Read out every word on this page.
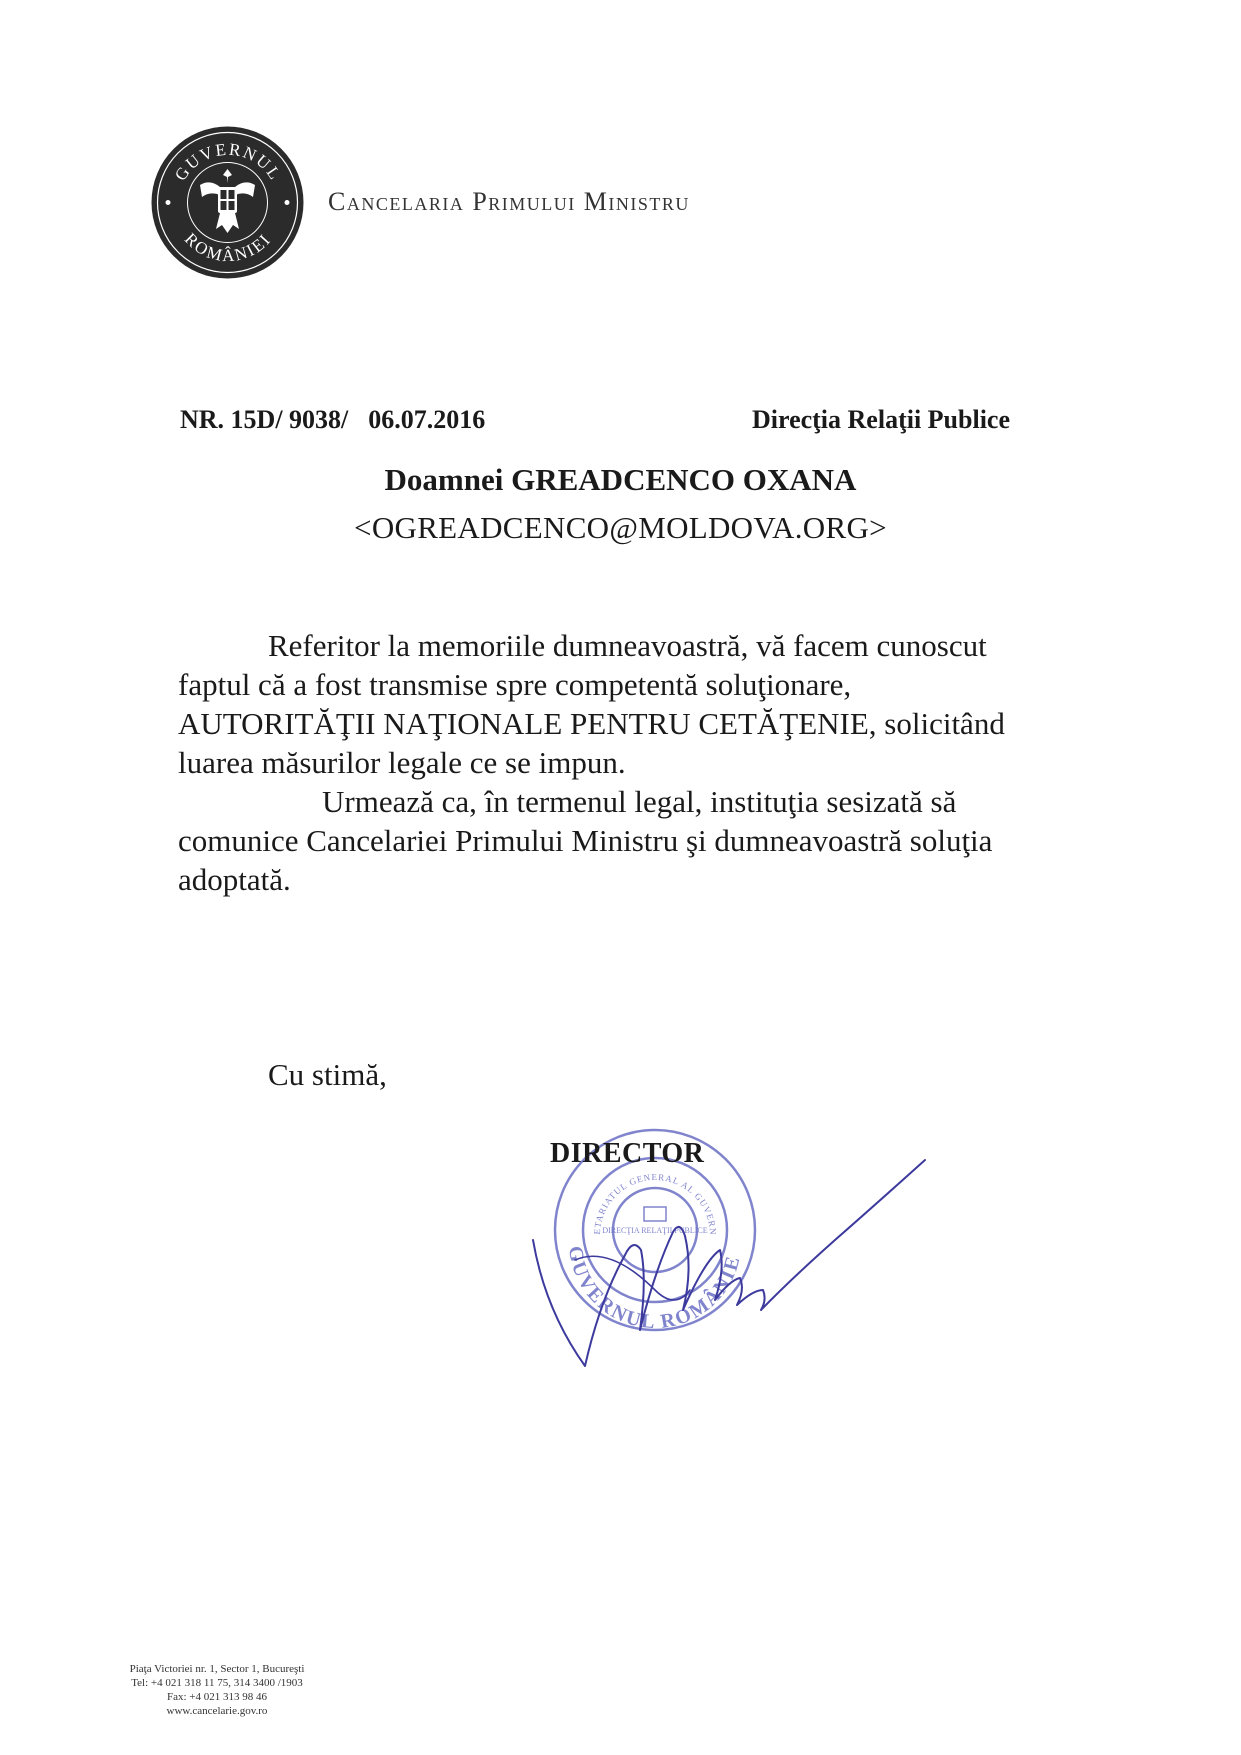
GUVERNUL
ROMÂNIEI
Cancelaria Primului Ministru
NR. 15D/ 9038/ 06.07.2016	Direcţia Relaţii Publice
Doamnei GREADCENCO OXANA
<OGREADCENCO@MOLDOVA.ORG>
Referitor la memoriile dumneavoastră, vă facem cunoscut
faptul că a fost transmise spre competentă soluţionare,
AUTORITĂŢII NAŢIONALE PENTRU CETĂŢENIE, solicitând
luarea măsurilor legale ce se impun.
Urmează ca, în termenul legal, instituţia sesizată să
comunice Cancelariei Primului Ministru şi dumneavoastră soluţia
adoptată.
Cu stimă,
GUVERNUL ROMÂNIE
ETARIATUL GENERAL AL GUVERN
DIRECŢIA RELAŢII PUBLICE
DIRECTOR
Piaţa Victoriei nr. 1, Sector 1, Bucureşti
Tel: +4 021 318 11 75, 314 3400 /1903
Fax: +4 021 313 98 46
www.cancelarie.gov.ro
